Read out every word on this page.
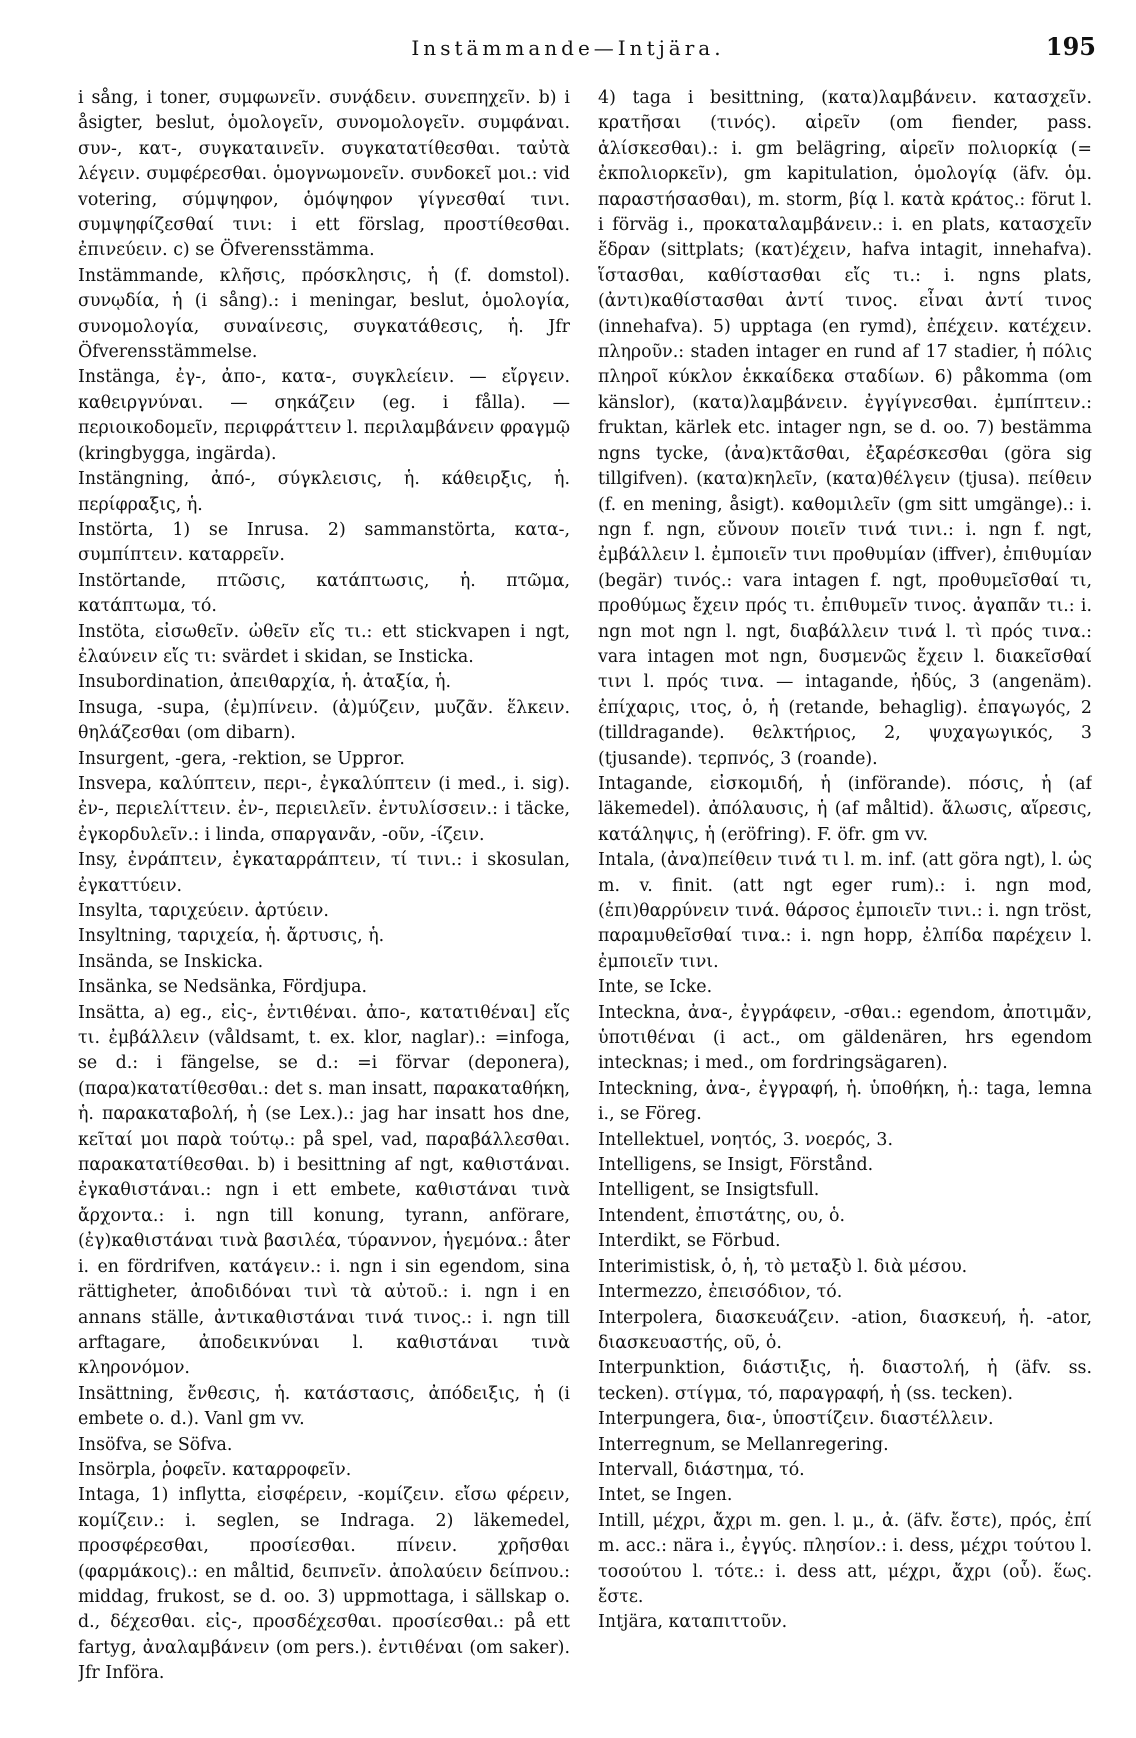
Instämmande—Intjära.	195

i sång, i toner, συμφωνεῖν. συνᾴδειν. συνεπηχεῖν. b) i åsigter, beslut, ὁμολογεῖν, συνομολογεῖν. συμφάναι. συν-, κατ-, συγκαταινεῖν. συγκατατίθεσθαι. ταὐτὰ λέγειν. συμφέρεσθαι. ὁμογνωμονεῖν. συνδοκεῖ μοι.: vid votering, σύμψηφον, ὁμόψηφον γίγνεσθαί τινι. συμψηφίζεσθαί τινι: i ett förslag, προστίθεσθαι. ἐπινεύειν. c) se Öfverensstämma.

Instämmande, κλῆσις, πρόσκλησις, ἡ (f. domstol). συνῳδία, ἡ (i sång).: i meningar, beslut, ὁμολογία, συνομολογία, συναίνεσις, συγκατάθεσις, ἡ. Jfr Öfverensstämmelse.

Instänga, ἐγ-, ἀπο-, κατα-, συγκλείειν. — εἴργειν. καθειργνύναι. — σηκάζειν (eg. i fålla). — περιοικοδομεῖν, περιφράττειν l. περιλαμβάνειν φραγμῷ (kringbygga, ingärda).

Instängning, ἀπό-, σύγκλεισις, ἡ. κάθειρξις, ἡ. περίφραξις, ἡ.

Instörta, 1) se Inrusa. 2) sammanstörta, κατα-, συμπίπτειν. καταρρεῖν.

Instörtande, πτῶσις, κατάπτωσις, ἡ. πτῶμα, κατάπτωμα, τό.

Instöta, εἰσωθεῖν. ὠθεῖν εἴς τι.: ett stickvapen i ngt, ἐλαύνειν εἴς τι: svärdet i skidan, se Insticka.

Insubordination, ἀπειθαρχία, ἡ. ἀταξία, ἡ.

Insuga, -supa, (ἐμ)πίνειν. (ἀ)μύζειν, μυζᾶν. ἕλκειν. θηλάζεσθαι (om dibarn).

Insurgent, -gera, -rektion, se Uppror.

Insvepa, καλύπτειν, περι-, ἐγκαλύπτειν (i med., i. sig). ἐν-, περιελίττειν. ἐν-, περιειλεῖν. ἐντυλίσσειν.: i täcke, ἐγκορδυλεῖν.: i linda, σπαργανᾶν, -οῦν, -ίζειν.

Insy, ἐνράπτειν, ἐγκαταρράπτειν, τί τινι.: i skosulan, ἐγκαττύειν.

Insylta, ταριχεύειν. ἀρτύειν.

Insyltning, ταριχεία, ἡ. ἄρτυσις, ἡ.

Insända, se Inskicka.

Insänka, se Nedsänka, Fördjupa.

Insätta, a) eg., εἰς-, ἐντιθέναι. ἀπο-, κατατιθέναι] εἴς τι. ἐμβάλλειν (våldsamt, t. ex. klor, naglar).: =infoga, se d.: i fängelse, se d.: =i förvar (deponera), (παρα)κατατίθεσθαι.: det s. man insatt, παρακαταθήκη, ἡ. παρακαταβολή, ἡ (se Lex.).: jag har insatt hos dne, κεῖταί μοι παρὰ τούτῳ.: på spel, vad, παραβάλλεσθαι. παρακατατίθεσθαι. b) i besittning af ngt, καθιστάναι. ἐγκαθιστάναι.: ngn i ett embete, καθιστάναι τινὰ ἄρχοντα.: i. ngn till konung, tyrann, anförare, (ἐγ)καθιστάναι τινὰ βασιλέα, τύραννον, ἡγεμόνα.: åter i. en fördrifven, κατάγειν.: i. ngn i sin egendom, sina rättigheter, ἀποδιδόναι τινὶ τὰ αὐτοῦ.: i. ngn i en annans ställe, ἀντικαθιστάναι τινά τινος.: i. ngn till arftagare, ἀποδεικνύναι l. καθιστάναι τινὰ κληρονόμον.

Insättning, ἔνθεσις, ἡ. κατάστασις, ἀπόδειξις, ἡ (i embete o. d.). Vanl gm vv.

Insöfva, se Söfva.

Insörpla, ῥοφεῖν. καταρροφεῖν.

Intaga, 1) inflytta, εἰσφέρειν, -κομίζειν. εἴσω φέρειν, κομίζειν.: i. seglen, se Indraga. 2) läkemedel, προσφέρεσθαι, προσίεσθαι. πίνειν. χρῆσθαι (φαρμάκοις).: en måltid, δειπνεῖν. ἀπολαύειν δείπνου.: middag, frukost, se d. oo. 3) uppmottaga, i sällskap o. d., δέχεσθαι. εἰς-, προσδέχεσθαι. προσίεσθαι.: på ett fartyg, ἀναλαμβάνειν (om pers.). ἐντιθέναι (om saker). Jfr Införa.

4) taga i besittning, (κατα)λαμβάνειν. κατασχεῖν. κρατῆσαι (τινός). αἱρεῖν (om fiender, pass. ἁλίσκεσθαι).: i. gm belägring, αἱρεῖν πολιορκίᾳ (= ἐκπολιορκεῖν), gm kapitulation, ὁμολογίᾳ (äfv. ὁμ. παραστήσασθαι), m. storm, βίᾳ l. κατὰ κράτος.: förut l. i förväg i., προκαταλαμβάνειν.: i. en plats, κατασχεῖν ἕδραν (sittplats; (κατ)έχειν, hafva intagit, innehafva). ἵστασθαι, καθίστασθαι εἴς τι.: i. ngns plats, (ἀντι)καθίστασθαι ἀντί τινος. εἶναι ἀντί τινος (innehafva). 5) upptaga (en rymd), ἐπέχειν. κατέχειν. πληροῦν.: staden intager en rund af 17 stadier, ἡ πόλις πληροῖ κύκλον ἑκκαίδεκα σταδίων. 6) påkomma (om känslor), (κατα)λαμβάνειν. ἐγγίγνεσθαι. ἐμπίπτειν.: fruktan, kärlek etc. intager ngn, se d. oo. 7) bestämma ngns tycke, (ἀνα)κτᾶσθαι, ἐξαρέσκεσθαι (göra sig tillgifven). (κατα)κηλεῖν, (κατα)θέλγειν (tjusa). πείθειν (f. en mening, åsigt). καθομιλεῖν (gm sitt umgänge).: i. ngn f. ngn, εὔνουν ποιεῖν τινά τινι.: i. ngn f. ngt, ἐμβάλλειν l. ἐμποιεῖν τινι προθυμίαν (iffver), ἐπιθυμίαν (begär) τινός.: vara intagen f. ngt, προθυμεῖσθαί τι, προθύμως ἔχειν πρός τι. ἐπιθυμεῖν τινος. ἀγαπᾶν τι.: i. ngn mot ngn l. ngt, διαβάλλειν τινά l. τὶ πρός τινα.: vara intagen mot ngn, δυσμενῶς ἔχειν l. διακεῖσθαί τινι l. πρός τινα. — intagande, ἡδύς, 3 (angenäm). ἐπίχαρις, ιτος, ὁ, ἡ (retande, behaglig). ἐπαγωγός, 2 (tilldragande). θελκτήριος, 2, ψυχαγωγικός, 3 (tjusande). τερπνός, 3 (roande).

Intagande, εἰσκομιδή, ἡ (införande). πόσις, ἡ (af läkemedel). ἀπόλαυσις, ἡ (af måltid). ἅλωσις, αἵρεσις, κατάληψις, ἡ (eröfring). F. öfr. gm vv.

Intala, (ἀνα)πείθειν τινά τι l. m. inf. (att göra ngt), l. ὡς m. v. finit. (att ngt eger rum).: i. ngn mod, (ἐπι)θαρρύνειν τινά. θάρσος ἐμποιεῖν τινι.: i. ngn tröst, παραμυθεῖσθαί τινα.: i. ngn hopp, ἐλπίδα παρέχειν l. ἐμποιεῖν τινι.

Inte, se Icke.

Inteckna, ἀνα-, ἐγγράφειν, -σθαι.: egendom, ἀποτιμᾶν, ὑποτιθέναι (i act., om gäldenären, hrs egendom intecknas; i med., om fordringsägaren).

Inteckning, ἀνα-, ἐγγραφή, ἡ. ὑποθήκη, ἡ.: taga, lemna i., se Föreg.

Intellektuel, νοητός, 3. νοερός, 3.

Intelligens, se Insigt, Förstånd.

Intelligent, se Insigtsfull.

Intendent, ἐπιστάτης, ου, ὁ.

Interdikt, se Förbud.

Interimistisk, ὁ, ἡ, τὸ μεταξὺ l. διὰ μέσου.

Intermezzo, ἐπεισόδιον, τό.

Interpolera, διασκευάζειν. -ation, διασκευή, ἡ. -ator, διασκευαστής, οῦ, ὁ.

Interpunktion, διάστιξις, ἡ. διαστολή, ἡ (äfv. ss. tecken). στίγμα, τό, παραγραφή, ἡ (ss. tecken).

Interpungera, δια-, ὑποστίζειν. διαστέλλειν.

Interregnum, se Mellanregering.

Intervall, διάστημα, τό.

Intet, se Ingen.

Intill, μέχρι, ἄχρι m. gen. l. μ., ἀ. (äfv. ἔστε), πρός, ἐπί m. acc.: nära i., ἐγγύς. πλησίον.: i. dess, μέχρι τούτου l. τοσούτου l. τότε.: i. dess att, μέχρι, ἄχρι (οὗ). ἕως. ἔστε.

Intjära, καταπιττοῦν.
